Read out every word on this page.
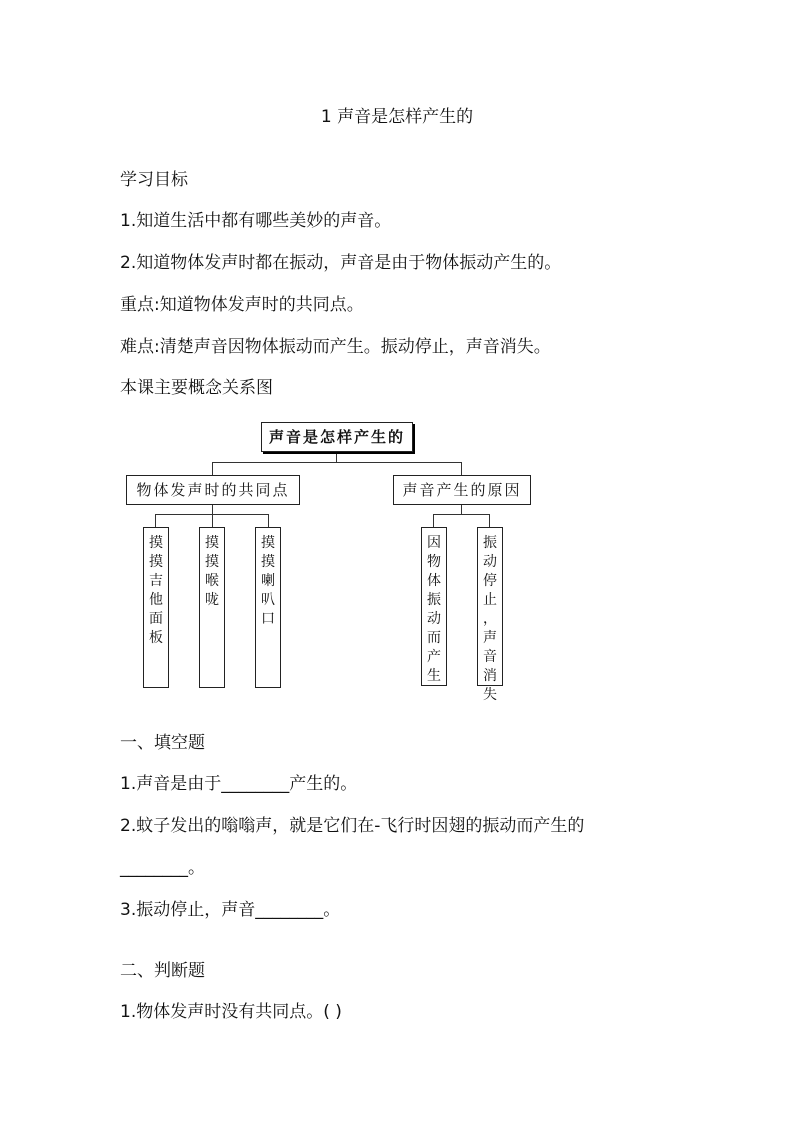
1 声音是怎样产生的
学习目标
1.知道生活中都有哪些美妙的声音。
2.知道物体发声时都在振动，声音是由于物体振动产生的。
重点:知道物体发声时的共同点。
难点:清楚声音因物体振动而产生。振动停止，声音消失。
本课主要概念关系图
声音是怎样产生的
物体发声时的共同点	声音产生的原因
摸
摸
吉
他
面
板
摸
摸
喉
咙
摸
摸
喇
叭
口
因
物
体
振
动
而
产
生
振
动
停
止
，
声
音
消
失
一、填空题
1.声音是由于________产生的。
2.蚊子发出的嗡嗡声，就是它们在-飞行时因翅的振动而产生的
________。
3.振动停止，声音________。
二、判断题
1.物体发声时没有共同点。( )
